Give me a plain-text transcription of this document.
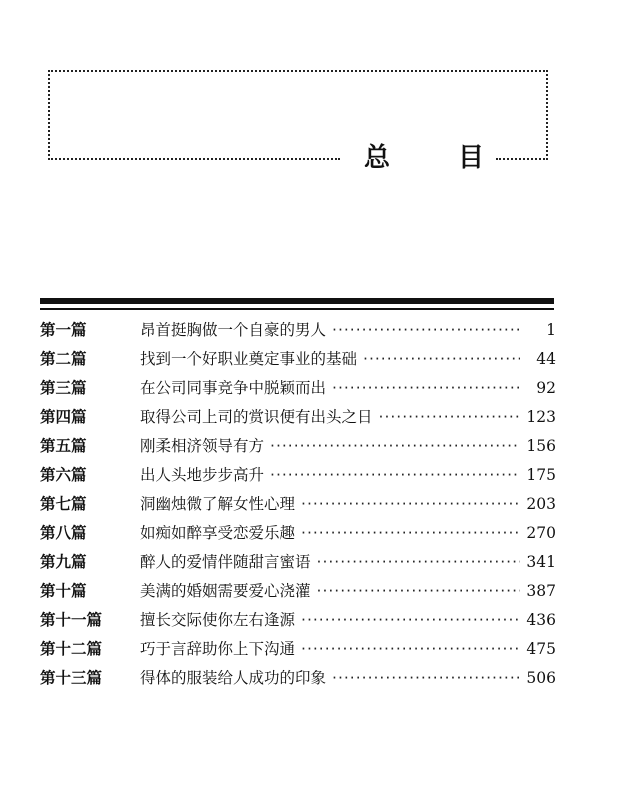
总	目
第一篇	昂首挺胸做一个自豪的男人 ·····	1
第二篇	找到一个好职业奠定事业的基础 ·····	44
第三篇	在公司同事竞争中脱颖而出 ·····	92
第四篇	取得公司上司的赏识便有出头之日 ·····	123
第五篇	刚柔相济领导有方 ·····	156
第六篇	出人头地步步高升 ·····	175
第七篇	洞幽烛微了解女性心理 ·····	203
第八篇	如痴如醉享受恋爱乐趣 ·····	270
第九篇	醉人的爱情伴随甜言蜜语 ·····	341
第十篇	美满的婚姻需要爱心浇灌 ·····	387
第十一篇	擅长交际使你左右逢源 ·····	436
第十二篇	巧于言辞助你上下沟通 ·····	475
第十三篇	得体的服装给人成功的印象 ·····	506
